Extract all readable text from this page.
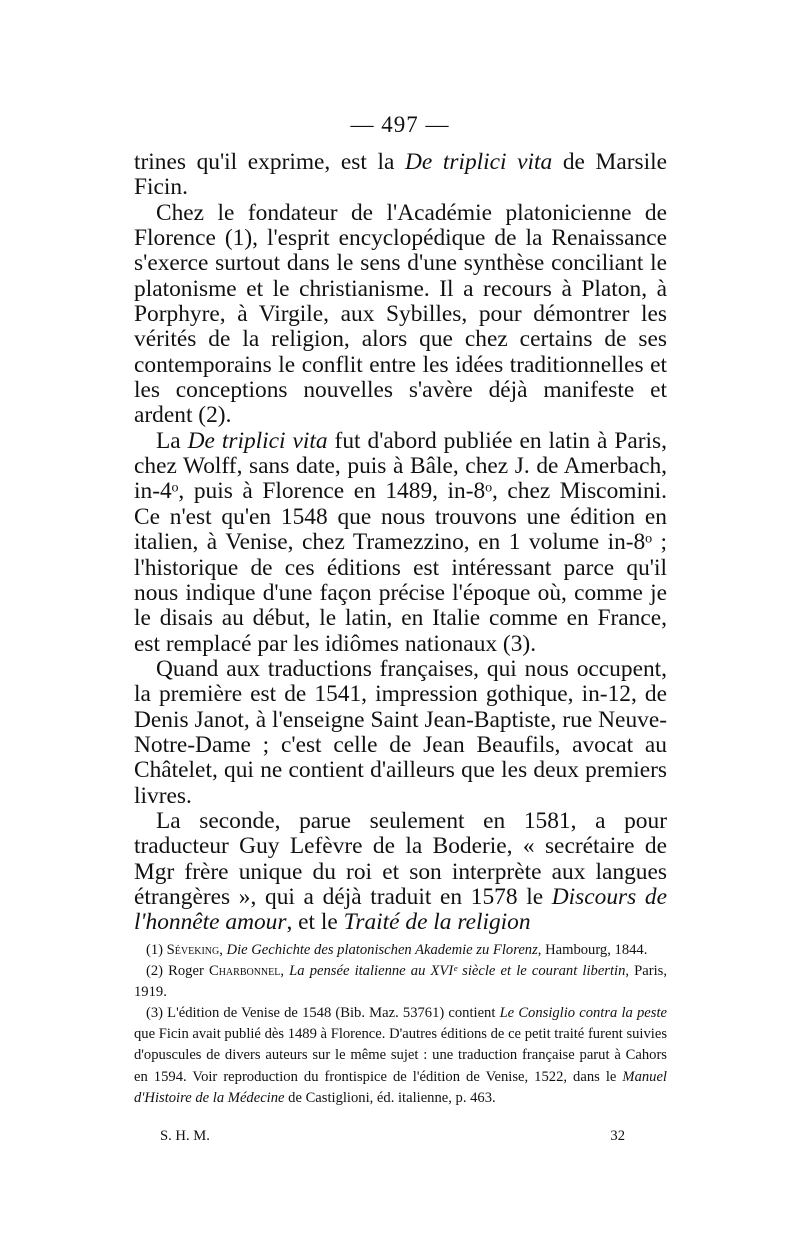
— 497 —

trines qu'il exprime, est la De triplici vita de Marsile Ficin.

Chez le fondateur de l'Académie platonicienne de Florence (1), l'esprit encyclopédique de la Renaissance s'exerce surtout dans le sens d'une synthèse conciliant le platonisme et le christianisme. Il a recours à Platon, à Porphyre, à Virgile, aux Sybilles, pour démontrer les vérités de la religion, alors que chez certains de ses contemporains le conflit entre les idées traditionnelles et les conceptions nouvelles s'avère déjà manifeste et ardent (2).

La De triplici vita fut d'abord publiée en latin à Paris, chez Wolff, sans date, puis à Bâle, chez J. de Amerbach, in-4ᵒ, puis à Florence en 1489, in-8ᵒ, chez Miscomini. Ce n'est qu'en 1548 que nous trouvons une édition en italien, à Venise, chez Tramezzino, en 1 volume in-8ᵒ ; l'historique de ces éditions est intéressant parce qu'il nous indique d'une façon précise l'époque où, comme je le disais au début, le latin, en Italie comme en France, est remplacé par les idiômes nationaux (3).

Quand aux traductions françaises, qui nous occupent, la première est de 1541, impression gothique, in-12, de Denis Janot, à l'enseigne Saint Jean-Baptiste, rue Neuve-Notre-Dame ; c'est celle de Jean Beaufils, avocat au Châtelet, qui ne contient d'ailleurs que les deux premiers livres.

La seconde, parue seulement en 1581, a pour traducteur Guy Lefèvre de la Boderie, « secrétaire de Mgr frère unique du roi et son interprète aux langues étrangères », qui a déjà traduit en 1578 le Discours de l'honnête amour, et le Traité de la religion

(1) Séveking, Die Gechichte des platonischen Akademie zu Florenz, Hambourg, 1844.

(2) Roger Charbonnel, La pensée italienne au XVIᵉ siècle et le courant libertin, Paris, 1919.

(3) L'édition de Venise de 1548 (Bib. Maz. 53761) contient Le Consiglio contra la peste que Ficin avait publié dès 1489 à Florence. D'autres éditions de ce petit traité furent suivies d'opuscules de divers auteurs sur le même sujet : une traduction française parut à Cahors en 1594. Voir reproduction du frontispice de l'édition de Venise, 1522, dans le Manuel d'Histoire de la Médecine de Castiglioni, éd. italienne, p. 463.

S. H. M.	32
